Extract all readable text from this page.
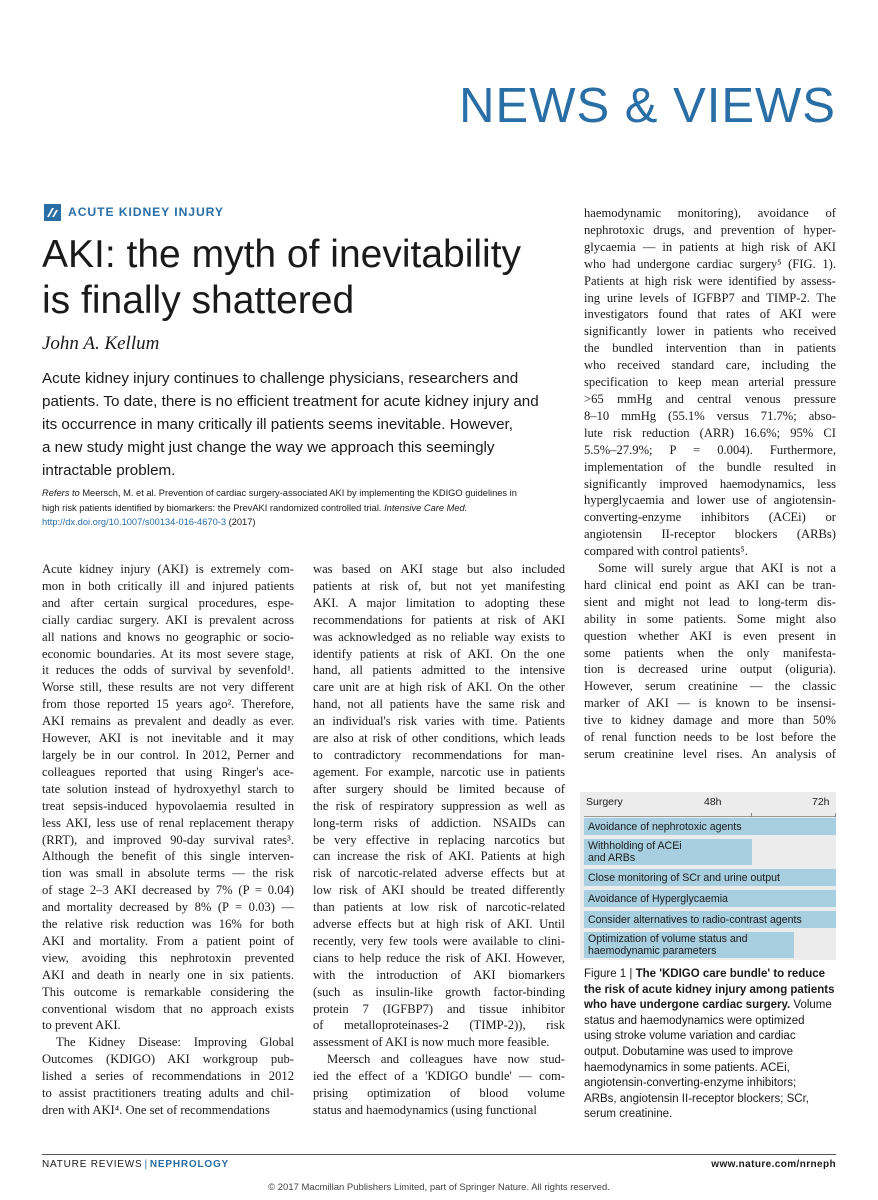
NEWS & VIEWS
ACUTE KIDNEY INJURY
AKI: the myth of inevitability
is finally shattered
John A. Kellum
Acute kidney injury continues to challenge physicians, researchers and
patients. To date, there is no efficient treatment for acute kidney injury and
its occurrence in many critically ill patients seems inevitable. However,
a new study might just change the way we approach this seemingly
intractable problem.
Refers to Meersch, M. et al. Prevention of cardiac surgery-associated AKI by implementing the KDIGO guidelines in
high risk patients identified by biomarkers: the PrevAKI randomized controlled trial. Intensive Care Med.
http://dx.doi.org/10.1007/s00134-016-4670-3 (2017)
Acute kidney injury (AKI) is extremely com-
mon in both critically ill and injured patients
and after certain surgical procedures, espe-
cially cardiac surgery. AKI is prevalent across
all nations and knows no geographic or socio-
economic boundaries. At its most severe stage,
it reduces the odds of survival by sevenfold¹.
Worse still, these results are not very different
from those reported 15 years ago². Therefore,
AKI remains as prevalent and deadly as ever.
However, AKI is not inevitable and it may
largely be in our control. In 2012, Perner and
colleagues reported that using Ringer's ace-
tate solution instead of hydroxyethyl starch to
treat sepsis-induced hypovolaemia resulted in
less AKI, less use of renal replacement therapy
(RRT), and improved 90-day survival rates³.
Although the benefit of this single interven-
tion was small in absolute terms — the risk
of stage 2–3 AKI decreased by 7% (P = 0.04)
and mortality decreased by 8% (P = 0.03) —
the relative risk reduction was 16% for both
AKI and mortality. From a patient point of
view, avoiding this nephrotoxin prevented
AKI and death in nearly one in six patients.
This outcome is remarkable considering the
conventional wisdom that no approach exists
to prevent AKI.
The Kidney Disease: Improving Global
Outcomes (KDIGO) AKI workgroup pub-
lished a series of recommendations in 2012
to assist practitioners treating adults and chil-
dren with AKI⁴. One set of recommendations
was based on AKI stage but also included
patients at risk of, but not yet manifesting
AKI. A major limitation to adopting these
recommendations for patients at risk of AKI
was acknowledged as no reliable way exists to
identify patients at risk of AKI. On the one
hand, all patients admitted to the intensive
care unit are at high risk of AKI. On the other
hand, not all patients have the same risk and
an individual's risk varies with time. Patients
are also at risk of other conditions, which leads
to contradictory recommendations for man-
agement. For example, narcotic use in patients
after surgery should be limited because of
the risk of respiratory suppression as well as
long-term risks of addiction. NSAIDs can
be very effective in replacing narcotics but
can increase the risk of AKI. Patients at high
risk of narcotic-related adverse effects but at
low risk of AKI should be treated differently
than patients at low risk of narcotic-related
adverse effects but at high risk of AKI. Until
recently, very few tools were available to clini-
cians to help reduce the risk of AKI. However,
with the introduction of AKI biomarkers
(such as insulin-like growth factor-binding
protein 7 (IGFBP7) and tissue inhibitor
of metalloproteinases-2 (TIMP-2)), risk
assessment of AKI is now much more feasible.
Meersch and colleagues have now stud-
ied the effect of a 'KDIGO bundle' — com-
prising optimization of blood volume
status and haemodynamics (using functional
haemodynamic monitoring), avoidance of
nephrotoxic drugs, and prevention of hyper-
glycaemia — in patients at high risk of AKI
who had undergone cardiac surgery⁵ (FIG. 1).
Patients at high risk were identified by assess-
ing urine levels of IGFBP7 and TIMP-2. The
investigators found that rates of AKI were
significantly lower in patients who received
the bundled intervention than in patients
who received standard care, including the
specification to keep mean arterial pressure
>65 mmHg and central venous pressure
8–10 mmHg (55.1% versus 71.7%; abso-
lute risk reduction (ARR) 16.6%; 95% CI
5.5%–27.9%; P = 0.004). Furthermore,
implementation of the bundle resulted in
significantly improved haemodynamics, less
hyperglycaemia and lower use of angiotensin-
converting-enzyme inhibitors (ACEi) or
angiotensin II-receptor blockers (ARBs)
compared with control patients⁵.
Some will surely argue that AKI is not a
hard clinical end point as AKI can be tran-
sient and might not lead to long-term dis-
ability in some patients. Some might also
question whether AKI is even present in
some patients when the only manifesta-
tion is decreased urine output (oliguria).
However, serum creatinine — the classic
marker of AKI — is known to be insensi-
tive to kidney damage and more than 50%
of renal function needs to be lost before the
serum creatinine level rises. An analysis of
Surgery	48h	72h
Avoidance of nephrotoxic agents
Withholding of ACEi
and ARBs
Close monitoring of SCr and urine output
Avoidance of Hyperglycaemia
Consider alternatives to radio-contrast agents
Optimization of volume status and
haemodynamic parameters
Figure 1 | The 'KDIGO care bundle' to reduce
the risk of acute kidney injury among patients
who have undergone cardiac surgery. Volume
status and haemodynamics were optimized
using stroke volume variation and cardiac
output. Dobutamine was used to improve
haemodynamics in some patients. ACEi,
angiotensin-converting-enzyme inhibitors;
ARBs, angiotensin II-receptor blockers; SCr,
serum creatinine.
NATURE REVIEWS | NEPHROLOGY	www.nature.com/nrneph
© 2017 Macmillan Publishers Limited, part of Springer Nature. All rights reserved.
